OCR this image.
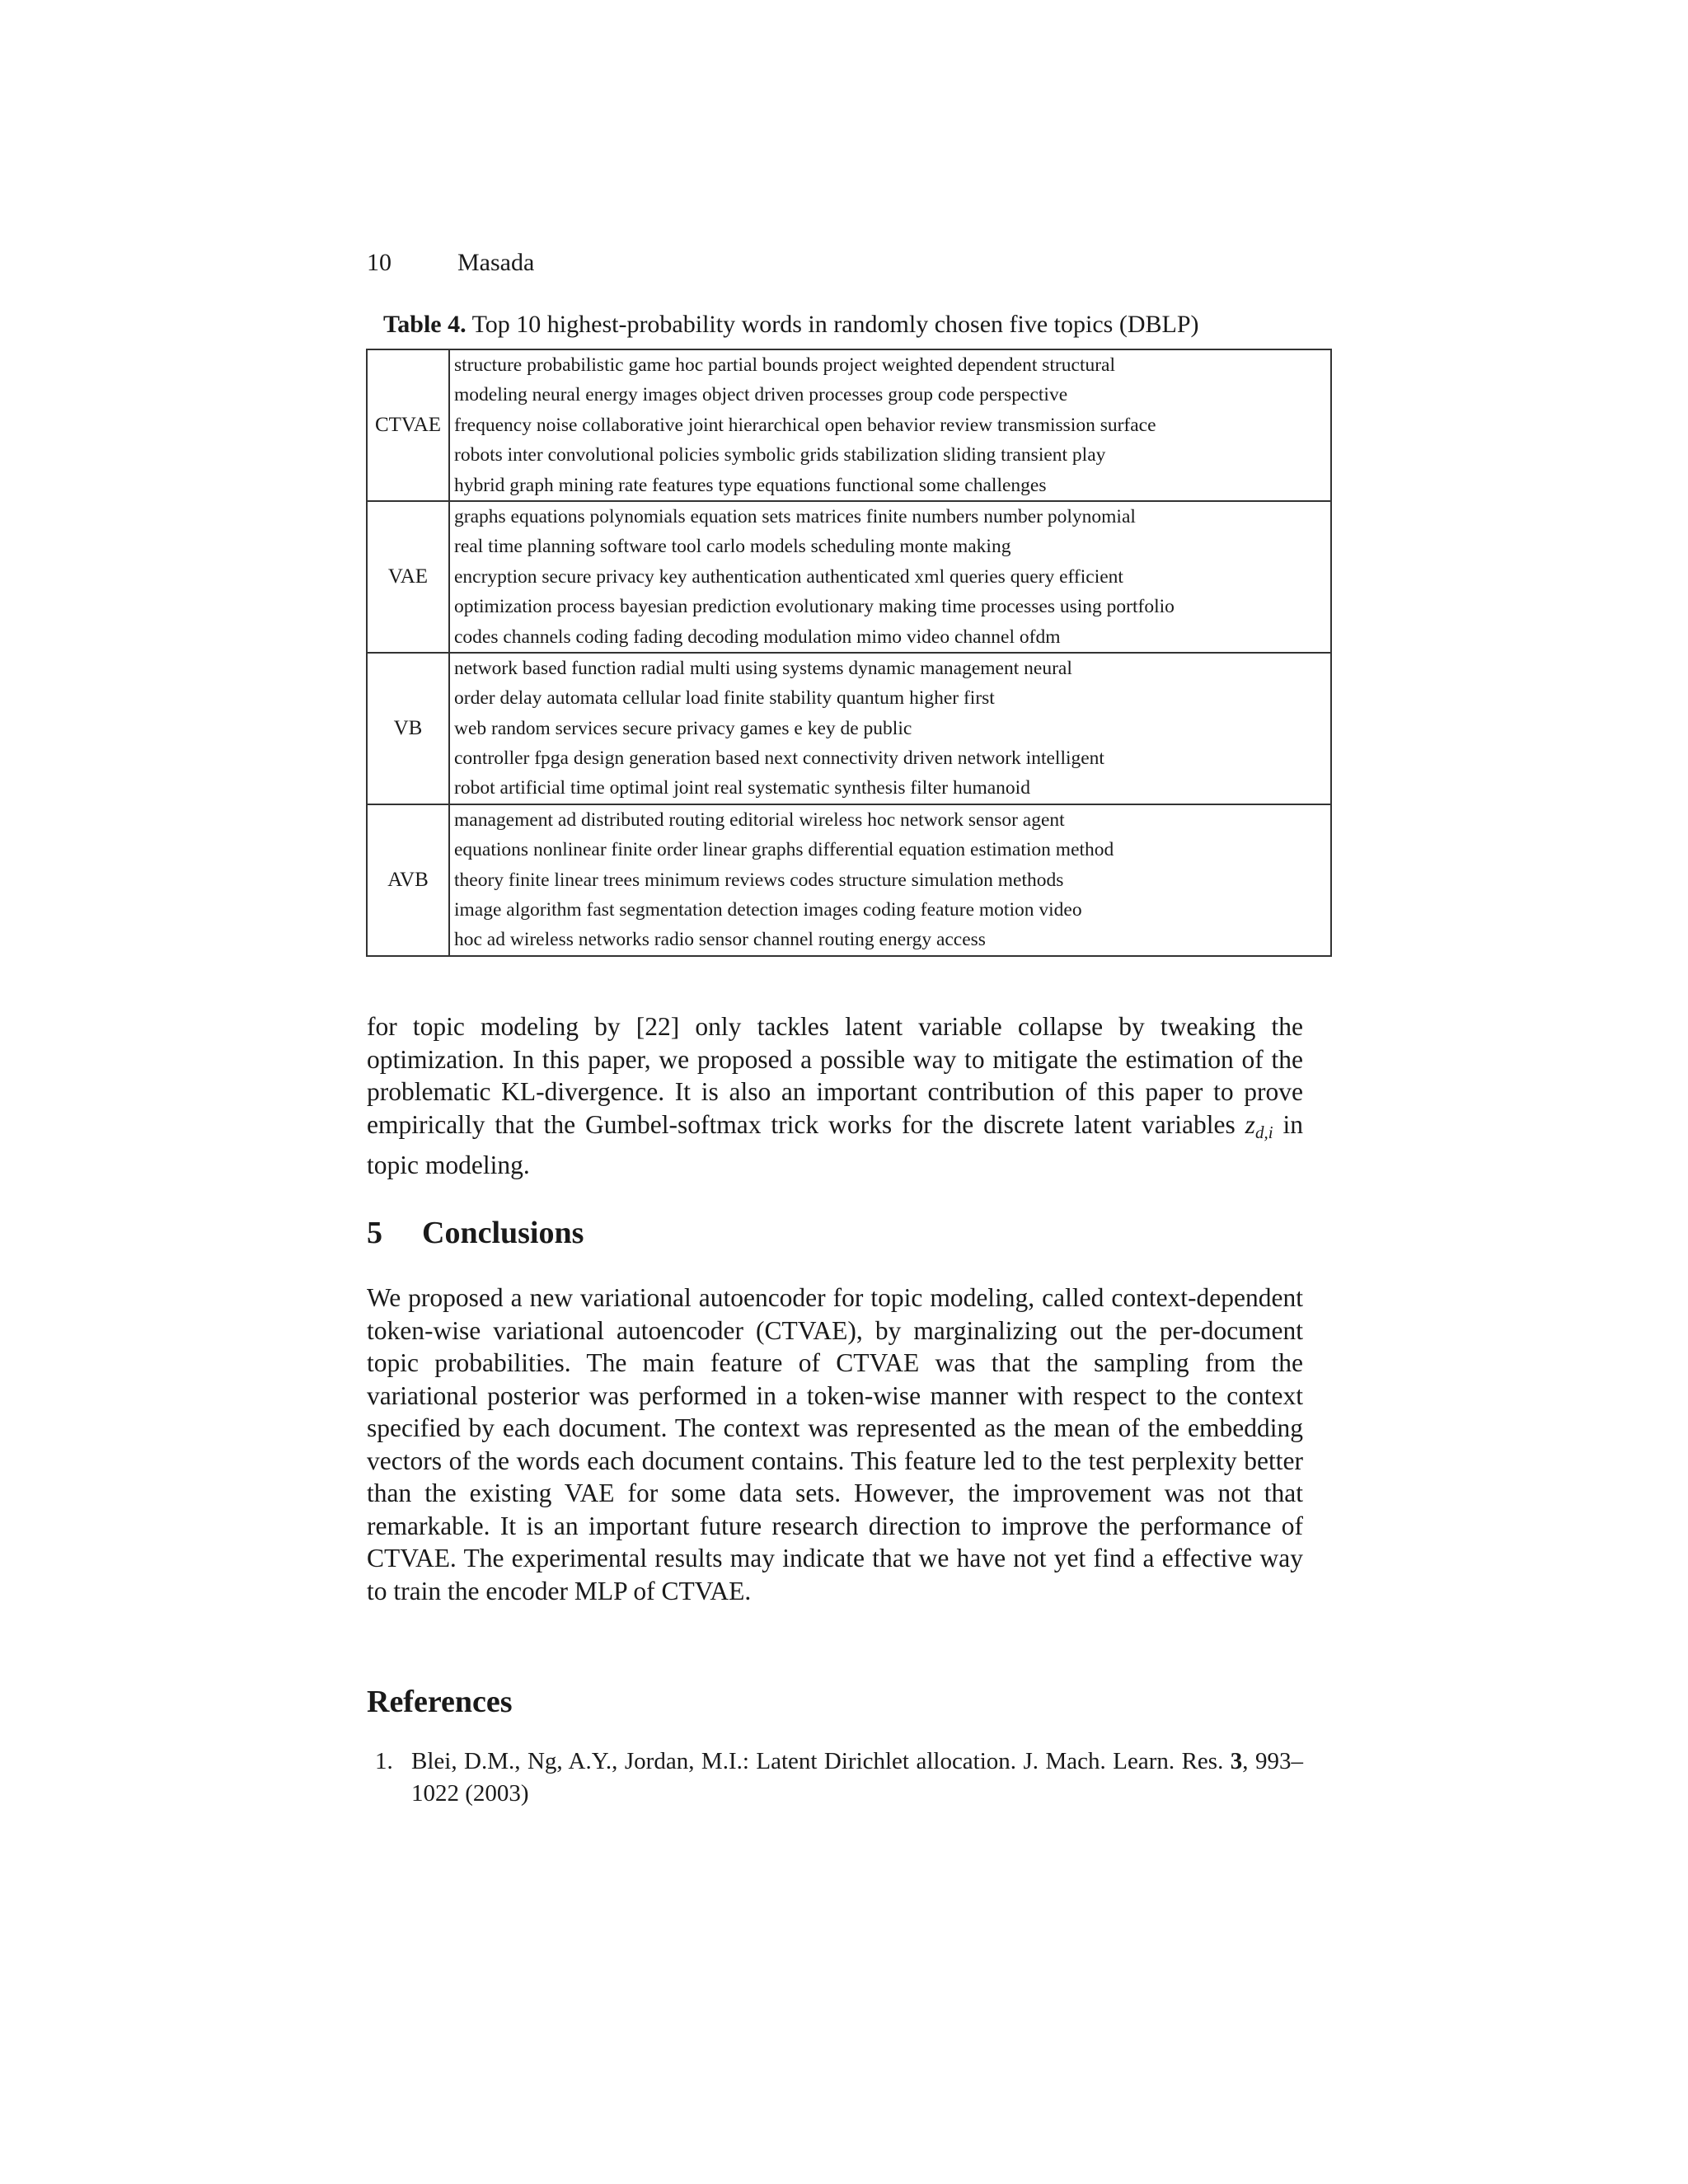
10	Masada
Table 4. Top 10 highest-probability words in randomly chosen five topics (DBLP)
CTVAE	structure probabilistic game hoc partial bounds project weighted dependent structural
modeling neural energy images object driven processes group code perspective
frequency noise collaborative joint hierarchical open behavior review transmission surface
robots inter convolutional policies symbolic grids stabilization sliding transient play
hybrid graph mining rate features type equations functional some challenges

VAE	graphs equations polynomials equation sets matrices finite numbers number polynomial
real time planning software tool carlo models scheduling monte making
encryption secure privacy key authentication authenticated xml queries query efficient
optimization process bayesian prediction evolutionary making time processes using portfolio
codes channels coding fading decoding modulation mimo video channel ofdm

VB	network based function radial multi using systems dynamic management neural
order delay automata cellular load finite stability quantum higher first
web random services secure privacy games e key de public
controller fpga design generation based next connectivity driven network intelligent
robot artificial time optimal joint real systematic synthesis filter humanoid

AVB	management ad distributed routing editorial wireless hoc network sensor agent
equations nonlinear finite order linear graphs differential equation estimation method
theory finite linear trees minimum reviews codes structure simulation methods
image algorithm fast segmentation detection images coding feature motion video
hoc ad wireless networks radio sensor channel routing energy access

for topic modeling by [22] only tackles latent variable collapse by tweaking the optimization. In this paper, we proposed a possible way to mitigate the estimation of the problematic KL-divergence. It is also an important contribution of this paper to prove empirically that the Gumbel-softmax trick works for the discrete latent variables zd,i in topic modeling.

5 Conclusions

We proposed a new variational autoencoder for topic modeling, called context-dependent token-wise variational autoencoder (CTVAE), by marginalizing out the per-document topic probabilities. The main feature of CTVAE was that the sampling from the variational posterior was performed in a token-wise manner with respect to the context specified by each document. The context was represented as the mean of the embedding vectors of the words each document contains. This feature led to the test perplexity better than the existing VAE for some data sets. However, the improvement was not that remarkable. It is an important future research direction to improve the performance of CTVAE. The experimental results may indicate that we have not yet find a effective way to train the encoder MLP of CTVAE.

References
1. Blei, D.M., Ng, A.Y., Jordan, M.I.: Latent Dirichlet allocation. J. Mach. Learn. Res. 3, 993–1022 (2003)
